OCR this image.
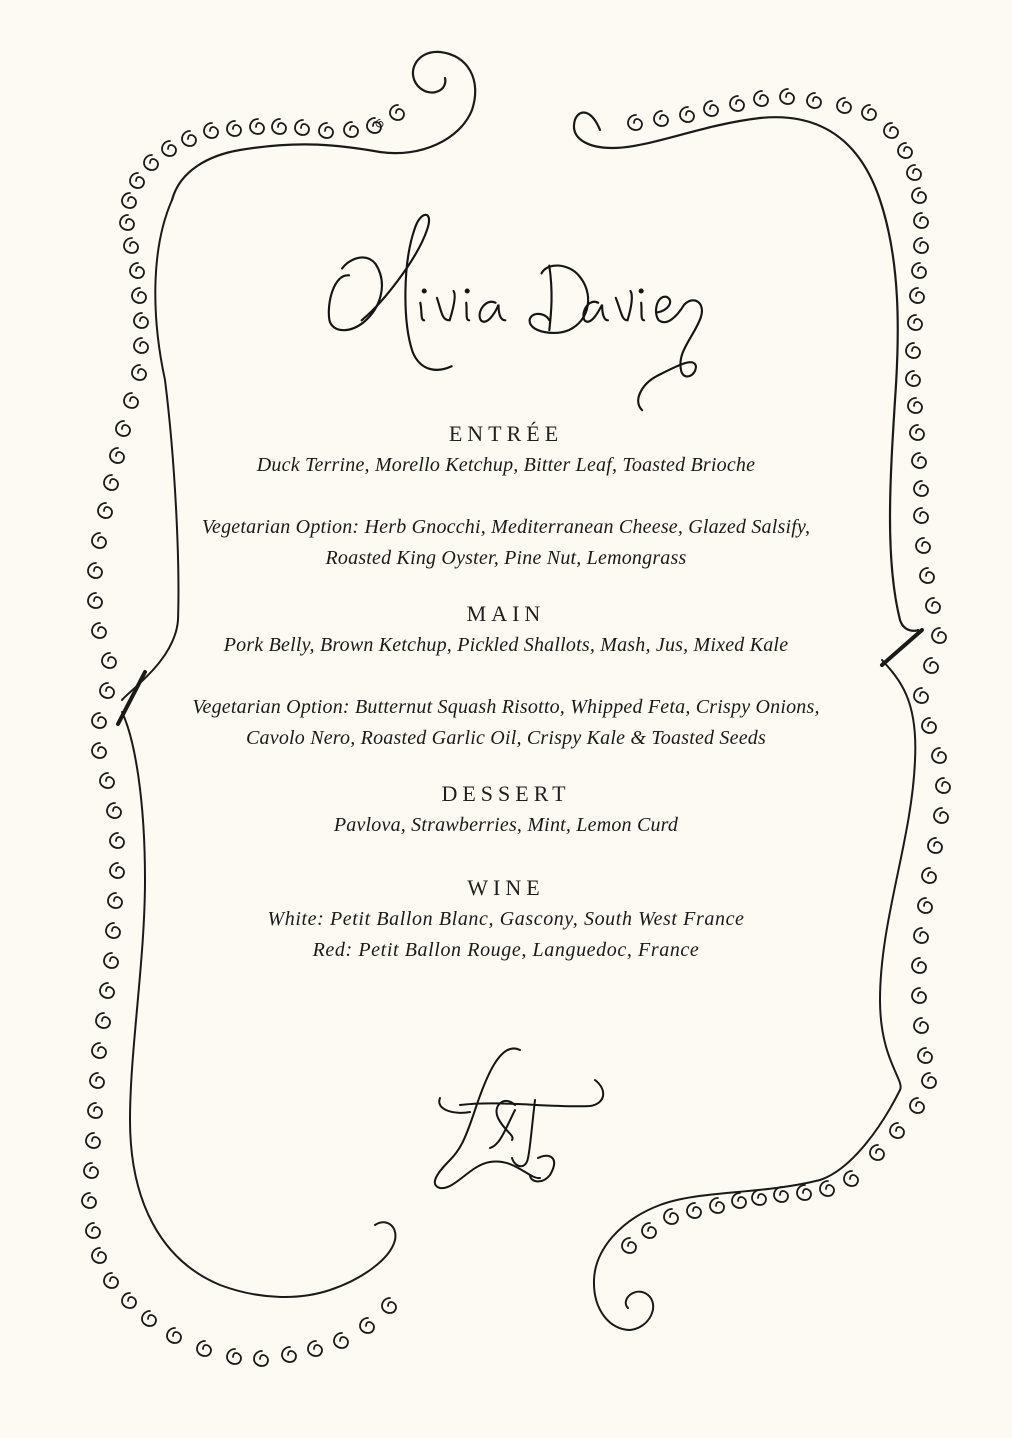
ENTRÉE
Duck Terrine, Morello Ketchup, Bitter Leaf, Toasted Brioche
Vegetarian Option: Herb Gnocchi, Mediterranean Cheese, Glazed Salsify,
Roasted King Oyster, Pine Nut, Lemongrass
MAIN
Pork Belly, Brown Ketchup, Pickled Shallots, Mash, Jus, Mixed Kale
Vegetarian Option: Butternut Squash Risotto, Whipped Feta, Crispy Onions,
Cavolo Nero, Roasted Garlic Oil, Crispy Kale & Toasted Seeds
DESSERT
Pavlova, Strawberries, Mint, Lemon Curd
WINE
White: Petit Ballon Blanc, Gascony, South West France
Red: Petit Ballon Rouge, Languedoc, France
